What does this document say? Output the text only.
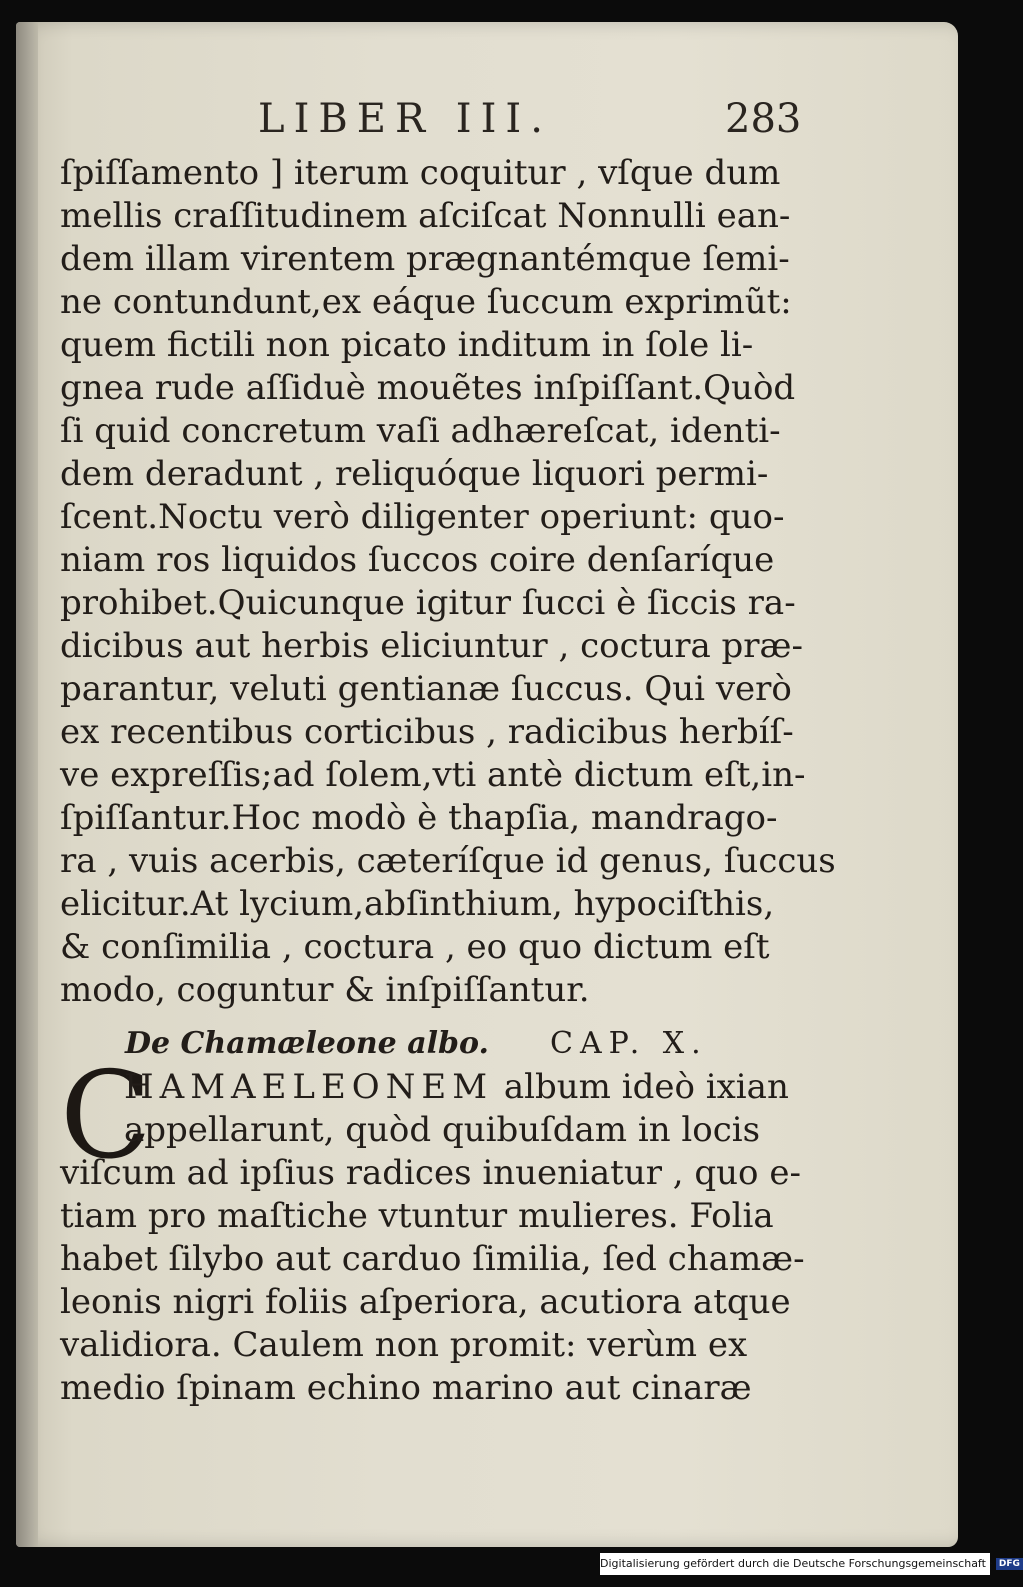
LIBER III.	283
ſpiſſamento ] iterum coquitur , vſque dum
mellis craſſitudinem aſciſcat Nonnulli ean-
dem illam virentem prægnantémque ſemi-
ne contundunt,ex eáque ſuccum exprimũt:
quem fictili non picato inditum in ſole li-
gnea rude aſſiduè mouẽtes inſpiſſant.Quòd
ſi quid concretum vaſi adhæreſcat, identi-
dem deradunt , reliquóque liquori permi-
ſcent.Noctu verò diligenter operiunt: quo-
niam ros liquidos ſuccos coire denſaríque
prohibet.Quicunque igitur ſucci è ſiccis ra-
dicibus aut herbis eliciuntur , coctura præ-
parantur, veluti gentianæ ſuccus. Qui verò
ex recentibus corticibus , radicibus herbíſ-
ve expreſſis;ad ſolem,vti antè dictum eſt,in-
ſpiſſantur.Hoc modò è thapſia, mandrago-
ra , vuis acerbis, cæteríſque id genus, ſuccus
elicitur.At lycium,abſinthium, hypociſthis,
& conſimilia , coctura , eo quo dictum eſt
modo, coguntur & inſpiſſantur.
De Chamæleone albo. CAP. X.
C
HAMAELEONEM album ideò ixian
appellarunt, quòd quibuſdam in locis
viſcum ad ipſius radices inueniatur , quo e-
tiam pro maſtiche vtuntur mulieres. Folia
habet ſilybo aut carduo ſimilia, ſed chamæ-
leonis nigri foliis aſperiora, acutiora atque
validiora. Caulem non promit: verùm ex
medio ſpinam echino marino aut cinaræ
Digitalisierung gefördert durch die Deutsche Forschungsgemeinschaft · DFG
